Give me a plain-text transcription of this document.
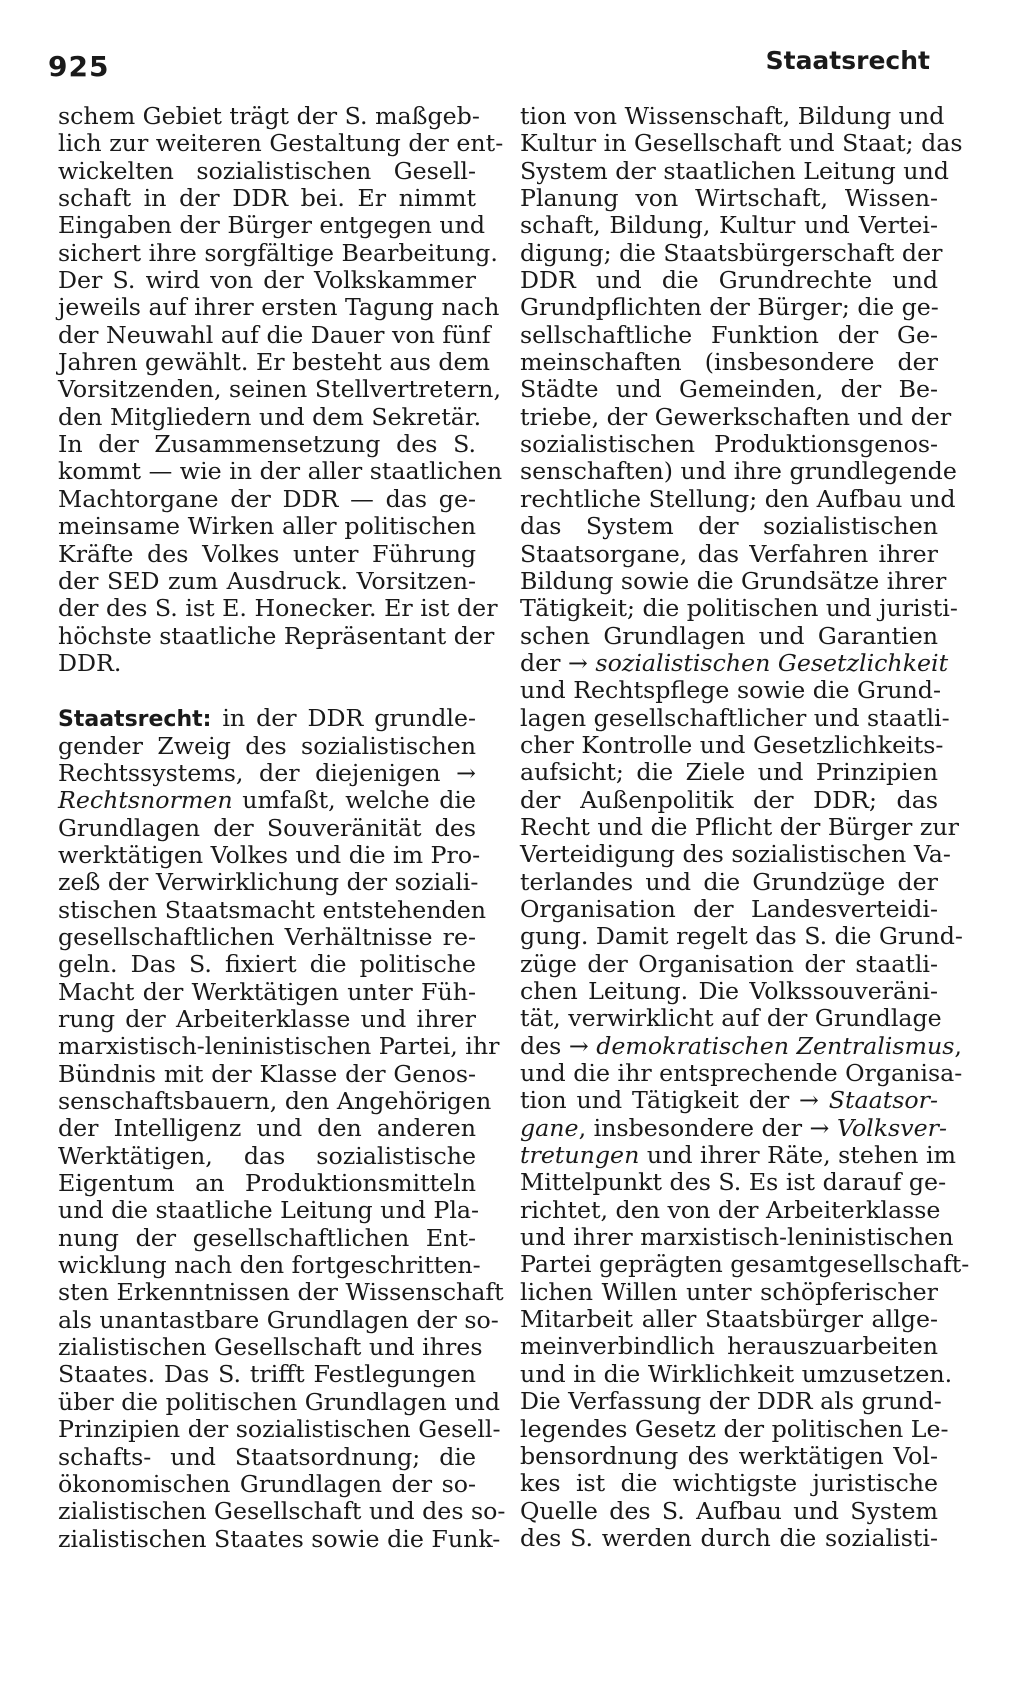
925	Staatsrecht
schem Gebiet trägt der S. maßgeb-
lich zur weiteren Gestaltung der ent-
wickelten sozialistischen Gesell-
schaft in der DDR bei. Er nimmt
Eingaben der Bürger entgegen und
sichert ihre sorgfältige Bearbeitung.
Der S. wird von der Volkskammer
jeweils auf ihrer ersten Tagung nach
der Neuwahl auf die Dauer von fünf
Jahren gewählt. Er besteht aus dem
Vorsitzenden, seinen Stellvertretern,
den Mitgliedern und dem Sekretär.
In der Zusammensetzung des S.
kommt — wie in der aller staatlichen
Machtorgane der DDR — das ge-
meinsame Wirken aller politischen
Kräfte des Volkes unter Führung
der SED zum Ausdruck. Vorsitzen-
der des S. ist E. Honecker. Er ist der
höchste staatliche Repräsentant der
DDR.
Staatsrecht: in der DDR grundle-
gender Zweig des sozialistischen
Rechtssystems, der diejenigen →
Rechtsnormen umfaßt, welche die
Grundlagen der Souveränität des
werktätigen Volkes und die im Pro-
zeß der Verwirklichung der soziali-
stischen Staatsmacht entstehenden
gesellschaftlichen Verhältnisse re-
geln. Das S. fixiert die politische
Macht der Werktätigen unter Füh-
rung der Arbeiterklasse und ihrer
marxistisch-leninistischen Partei, ihr
Bündnis mit der Klasse der Genos-
senschaftsbauern, den Angehörigen
der Intelligenz und den anderen
Werktätigen, das sozialistische
Eigentum an Produktionsmitteln
und die staatliche Leitung und Pla-
nung der gesellschaftlichen Ent-
wicklung nach den fortgeschritten-
sten Erkenntnissen der Wissenschaft
als unantastbare Grundlagen der so-
zialistischen Gesellschaft und ihres
Staates. Das S. trifft Festlegungen
über die politischen Grundlagen und
Prinzipien der sozialistischen Gesell-
schafts- und Staatsordnung; die
ökonomischen Grundlagen der so-
zialistischen Gesellschaft und des so-
zialistischen Staates sowie die Funk-
tion von Wissenschaft, Bildung und
Kultur in Gesellschaft und Staat; das
System der staatlichen Leitung und
Planung von Wirtschaft, Wissen-
schaft, Bildung, Kultur und Vertei-
digung; die Staatsbürgerschaft der
DDR und die Grundrechte und
Grundpflichten der Bürger; die ge-
sellschaftliche Funktion der Ge-
meinschaften (insbesondere der
Städte und Gemeinden, der Be-
triebe, der Gewerkschaften und der
sozialistischen Produktionsgenos-
senschaften) und ihre grundlegende
rechtliche Stellung; den Aufbau und
das System der sozialistischen
Staatsorgane, das Verfahren ihrer
Bildung sowie die Grundsätze ihrer
Tätigkeit; die politischen und juristi-
schen Grundlagen und Garantien
der → sozialistischen Gesetzlichkeit
und Rechtspflege sowie die Grund-
lagen gesellschaftlicher und staatli-
cher Kontrolle und Gesetzlichkeits-
aufsicht; die Ziele und Prinzipien
der Außenpolitik der DDR; das
Recht und die Pflicht der Bürger zur
Verteidigung des sozialistischen Va-
terlandes und die Grundzüge der
Organisation der Landesverteidi-
gung. Damit regelt das S. die Grund-
züge der Organisation der staatli-
chen Leitung. Die Volkssouveräni-
tät, verwirklicht auf der Grundlage
des → demokratischen Zentralismus,
und die ihr entsprechende Organisa-
tion und Tätigkeit der → Staatsor-
gane, insbesondere der → Volksver-
tretungen und ihrer Räte, stehen im
Mittelpunkt des S. Es ist darauf ge-
richtet, den von der Arbeiterklasse
und ihrer marxistisch-leninistischen
Partei geprägten gesamtgesellschaft-
lichen Willen unter schöpferischer
Mitarbeit aller Staatsbürger allge-
meinverbindlich herauszuarbeiten
und in die Wirklichkeit umzusetzen.
Die Verfassung der DDR als grund-
legendes Gesetz der politischen Le-
bensordnung des werktätigen Vol-
kes ist die wichtigste juristische
Quelle des S. Aufbau und System
des S. werden durch die sozialisti-
